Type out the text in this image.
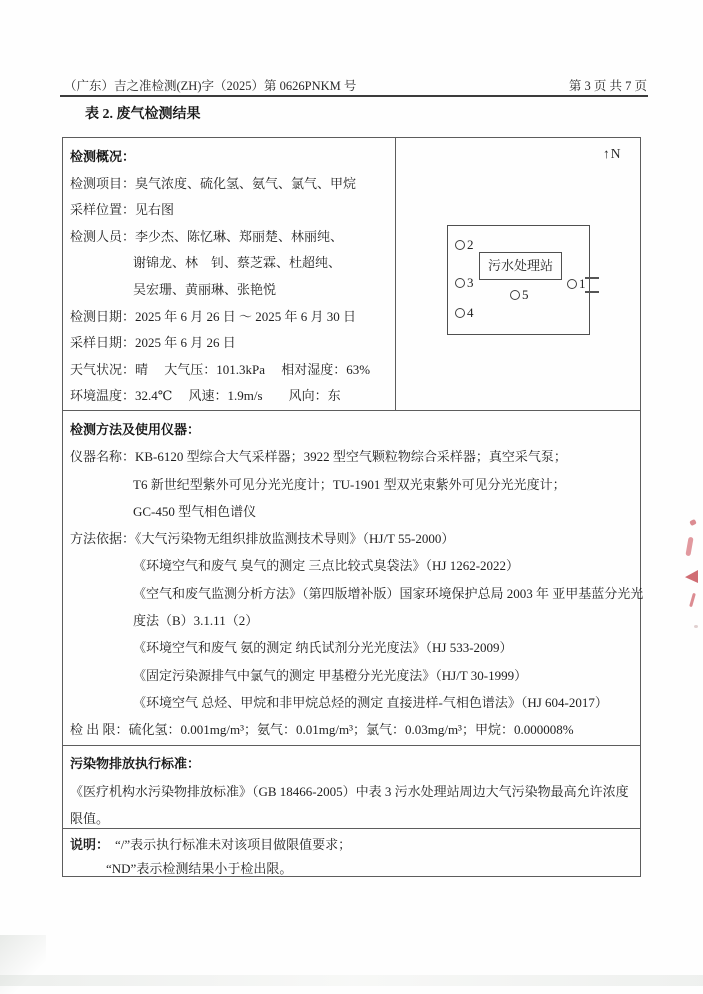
（广东）吉之准检测(ZH)字（2025）第 0626PNKM 号	第 3 页 共 7 页
表 2. 废气检测结果
检测概况：
检测项目：臭气浓度、硫化氢、氨气、氯气、甲烷
采样位置：见右图
检测人员：李少杰、陈忆琳、郑丽楚、林丽纯、
谢锦龙、林　钊、蔡芝霖、杜超纯、
吴宏珊、黄丽琳、张艳悦
检测日期：2025 年 6 月 26 日 ～ 2025 年 6 月 30 日
采样日期：2025 年 6 月 26 日
天气状况：晴　 大气压：101.3kPa　 相对湿度：63%
环境温度：32.4℃　 风速：1.9m/s　　风向：东
↑N
污水处理站
2
3
4
5
1
检测方法及使用仪器：
仪器名称：KB-6120 型综合大气采样器；3922 型空气颗粒物综合采样器；真空采气泵；
T6 新世纪型紫外可见分光光度计；TU-1901 型双光束紫外可见分光光度计；
GC-450 型气相色谱仪
方法依据：《大气污染物无组织排放监测技术导则》（HJ/T 55-2000）
《环境空气和废气 臭气的测定 三点比较式臭袋法》（HJ 1262-2022）
《空气和废气监测分析方法》（第四版增补版）国家环境保护总局 2003 年 亚甲基蓝分光光
度法（B）3.1.11（2）
《环境空气和废气 氨的测定 纳氏试剂分光光度法》（HJ 533-2009）
《固定污染源排气中氯气的测定 甲基橙分光光度法》（HJ/T 30-1999）
《环境空气 总烃、甲烷和非甲烷总烃的测定 直接进样-气相色谱法》（HJ 604-2017）
检 出 限：硫化氢：0.001mg/m³；氨气：0.01mg/m³；氯气：0.03mg/m³；甲烷：0.000008%
污染物排放执行标准：
《医疗机构水污染物排放标准》（GB 18466-2005）中表 3 污水处理站周边大气污染物最高允许浓度限值。
说明： “/”表示执行标准未对该项目做限值要求；
“ND”表示检测结果小于检出限。
